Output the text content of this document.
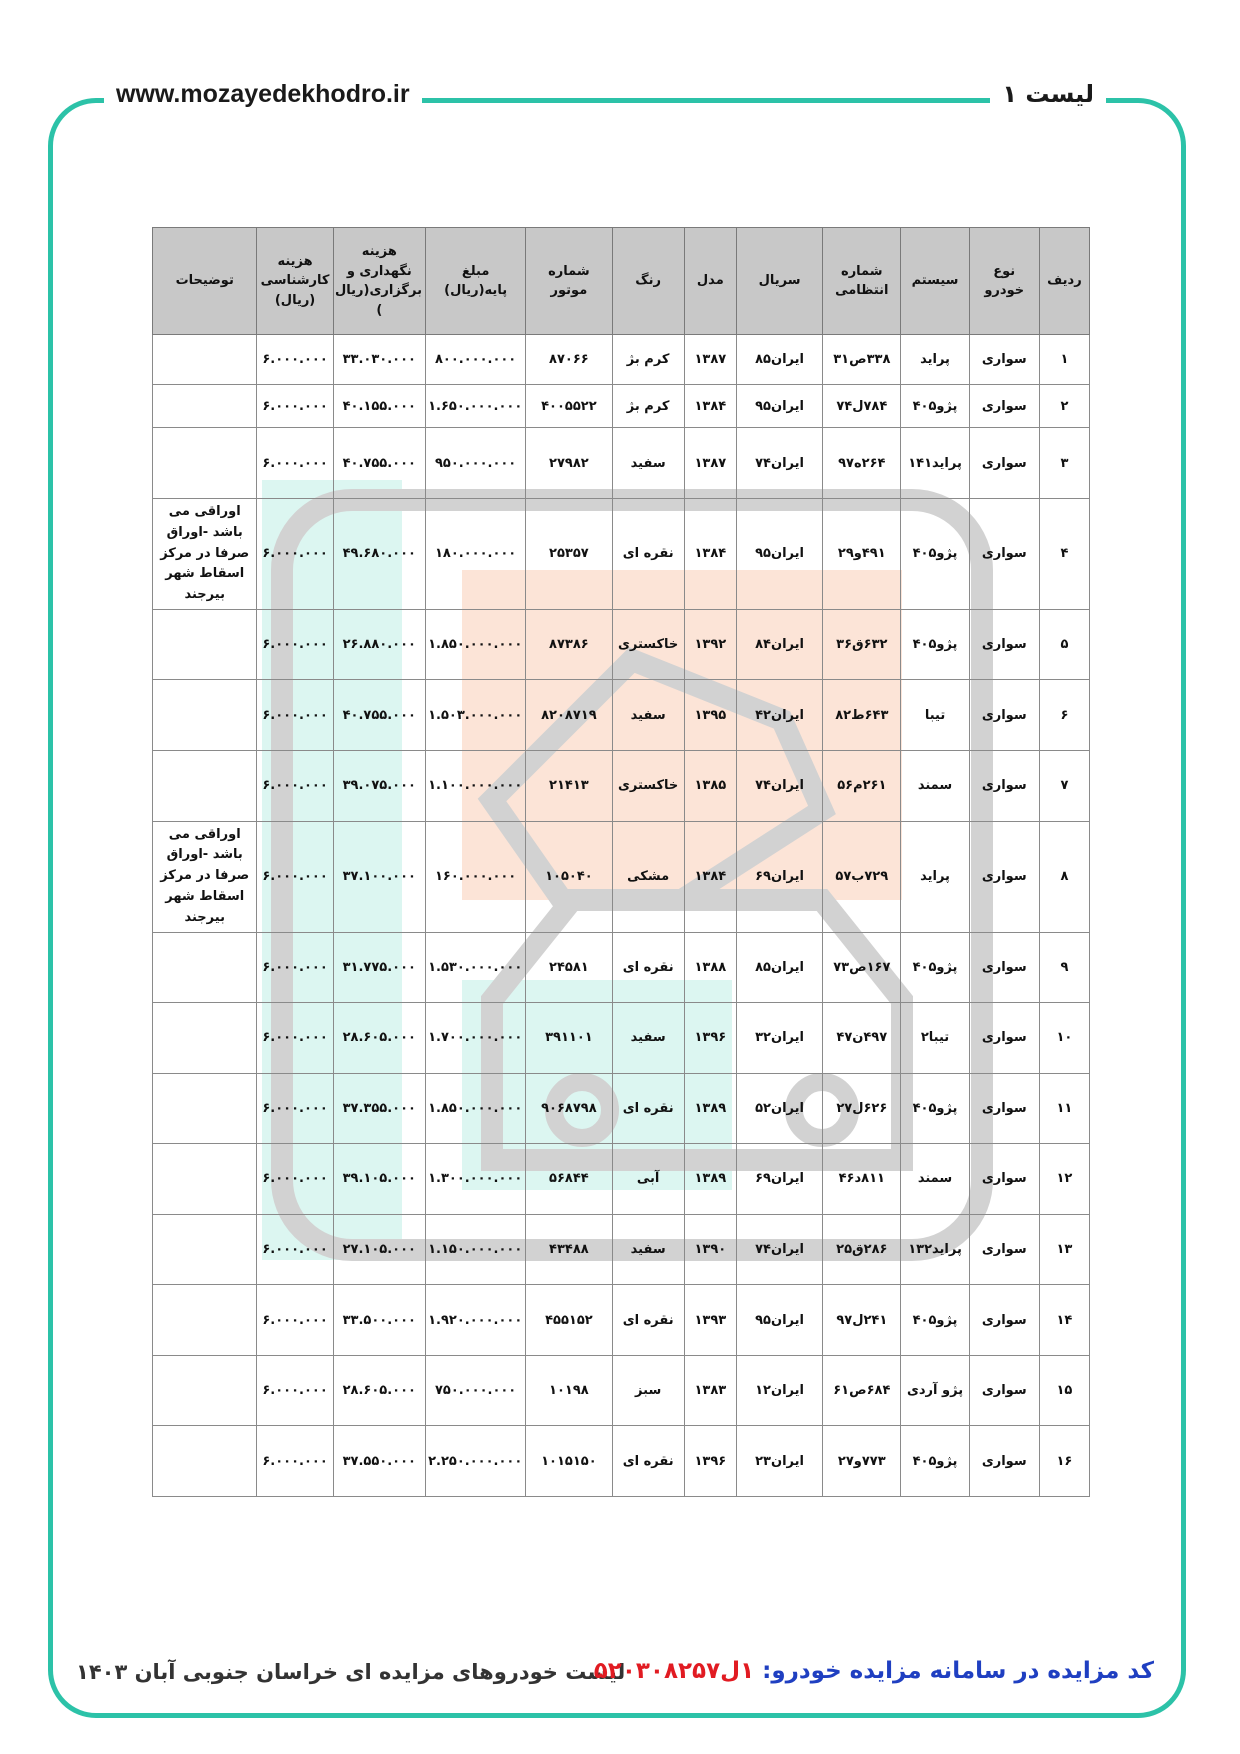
www.mozayedekhodro.ir	لیست ۱
ردیف	نوع خودرو	سیستم	شماره انتظامی	سریال	مدل	رنگ	شماره موتور	مبلغ پایه(ریال)	هزینه نگهداری و برگزاری(ریال )	هزینه کارشناسی (ریال)	توضیحات
۱	سواری	پراید	۳۳۸ص۳۱	ایران۸۵	۱۳۸۷	کرم بژ	۸۷۰۶۶	۸۰۰.۰۰۰.۰۰۰	۳۳.۰۳۰.۰۰۰	۶.۰۰۰.۰۰۰	
۲	سواری	پژو۴۰۵	۷۸۴ل۷۴	ایران۹۵	۱۳۸۴	کرم بژ	۴۰۰۵۵۲۲	۱.۶۵۰.۰۰۰.۰۰۰	۴۰.۱۵۵.۰۰۰	۶.۰۰۰.۰۰۰	
۳	سواری	پراید۱۴۱	۲۶۴ه۹۷	ایران۷۴	۱۳۸۷	سفید	۲۷۹۸۲	۹۵۰.۰۰۰.۰۰۰	۴۰.۷۵۵.۰۰۰	۶.۰۰۰.۰۰۰	
۴	سواری	پژو۴۰۵	۴۹۱و۲۹	ایران۹۵	۱۳۸۴	نقره ای	۲۵۳۵۷	۱۸۰.۰۰۰.۰۰۰	۴۹.۶۸۰.۰۰۰	۶.۰۰۰.۰۰۰	اوراقی می باشد -اوراق صرفا در مرکز اسقاط شهر بیرجند
۵	سواری	پژو۴۰۵	۶۳۲ق۳۶	ایران۸۴	۱۳۹۲	خاکستری	۸۷۳۸۶	۱.۸۵۰.۰۰۰.۰۰۰	۲۶.۸۸۰.۰۰۰	۶.۰۰۰.۰۰۰	
۶	سواری	تیبا	۶۴۳ط۸۲	ایران۴۲	۱۳۹۵	سفید	۸۲۰۸۷۱۹	۱.۵۰۳.۰۰۰.۰۰۰	۴۰.۷۵۵.۰۰۰	۶.۰۰۰.۰۰۰	
۷	سواری	سمند	۲۶۱م۵۶	ایران۷۴	۱۳۸۵	خاکستری	۲۱۴۱۳	۱.۱۰۰.۰۰۰.۰۰۰	۳۹.۰۷۵.۰۰۰	۶.۰۰۰.۰۰۰	
۸	سواری	پراید	۷۲۹ب۵۷	ایران۶۹	۱۳۸۴	مشکی	۱۰۵۰۴۰	۱۶۰.۰۰۰.۰۰۰	۳۷.۱۰۰.۰۰۰	۶.۰۰۰.۰۰۰	اوراقی می باشد -اوراق صرفا در مرکز اسقاط شهر بیرجند
۹	سواری	پژو۴۰۵	۱۶۷ص۷۳	ایران۸۵	۱۳۸۸	نقره ای	۲۴۵۸۱	۱.۵۳۰.۰۰۰.۰۰۰	۳۱.۷۷۵.۰۰۰	۶.۰۰۰.۰۰۰	
۱۰	سواری	تیبا۲	۴۹۷ن۴۷	ایران۳۲	۱۳۹۶	سفید	۳۹۱۱۰۱	۱.۷۰۰.۰۰۰.۰۰۰	۲۸.۶۰۵.۰۰۰	۶.۰۰۰.۰۰۰	
۱۱	سواری	پژو۴۰۵	۶۲۶ل۲۷	ایران۵۲	۱۳۸۹	نقره ای	۹۰۶۸۷۹۸	۱.۸۵۰.۰۰۰.۰۰۰	۳۷.۳۵۵.۰۰۰	۶.۰۰۰.۰۰۰	
۱۲	سواری	سمند	۸۱۱د۴۶	ایران۶۹	۱۳۸۹	آبی	۵۶۸۴۴	۱.۳۰۰.۰۰۰.۰۰۰	۳۹.۱۰۵.۰۰۰	۶.۰۰۰.۰۰۰	
۱۳	سواری	پراید۱۳۲	۲۸۶ق۲۵	ایران۷۴	۱۳۹۰	سفید	۴۳۴۸۸	۱.۱۵۰.۰۰۰.۰۰۰	۲۷.۱۰۵.۰۰۰	۶.۰۰۰.۰۰۰	
۱۴	سواری	پژو۴۰۵	۲۴۱ل۹۷	ایران۹۵	۱۳۹۳	نقره ای	۴۵۵۱۵۲	۱.۹۲۰.۰۰۰.۰۰۰	۳۳.۵۰۰.۰۰۰	۶.۰۰۰.۰۰۰	
۱۵	سواری	پژو آردی	۶۸۴ص۶۱	ایران۱۲	۱۳۸۳	سبز	۱۰۱۹۸	۷۵۰.۰۰۰.۰۰۰	۲۸.۶۰۵.۰۰۰	۶.۰۰۰.۰۰۰	
۱۶	سواری	پژو۴۰۵	۷۷۳و۲۷	ایران۲۳	۱۳۹۶	نقره ای	۱۰۱۵۱۵۰	۲.۲۵۰.۰۰۰.۰۰۰	۳۷.۵۵۰.۰۰۰	۶.۰۰۰.۰۰۰	
لیست خودروهای مزایده ای خراسان جنوبی آبان ۱۴۰۳	کد مزایده در سامانه مزایده خودرو: ۱ل۵۲۰۳۰۸۲۵۷
